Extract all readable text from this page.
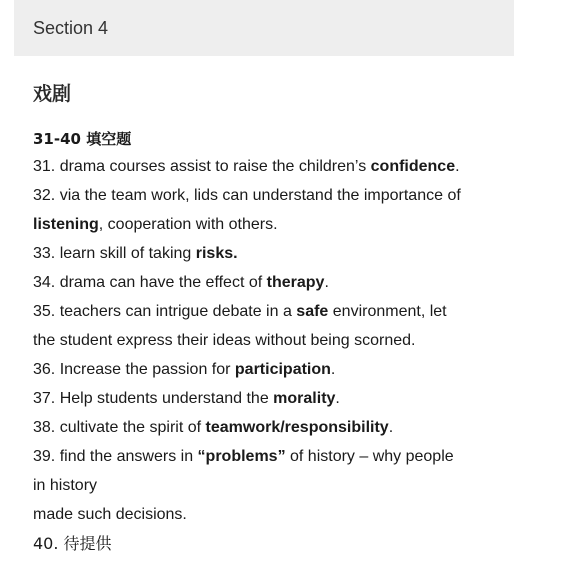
Section 4
戏剧
31-40 填空题
31. drama courses assist to raise the children’s confidence.
32. via the team work, lids can understand the importance of
listening, cooperation with others.
33. learn skill of taking risks.
34. drama can have the effect of therapy.
35. teachers can intrigue debate in a safe environment, let
the student express their ideas without being scorned.
36. Increase the passion for participation.
37. Help students understand the morality.
38. cultivate the spirit of teamwork/responsibility.
39. find the answers in “problems” of history – why people
in history
made such decisions.
40. 待提供
